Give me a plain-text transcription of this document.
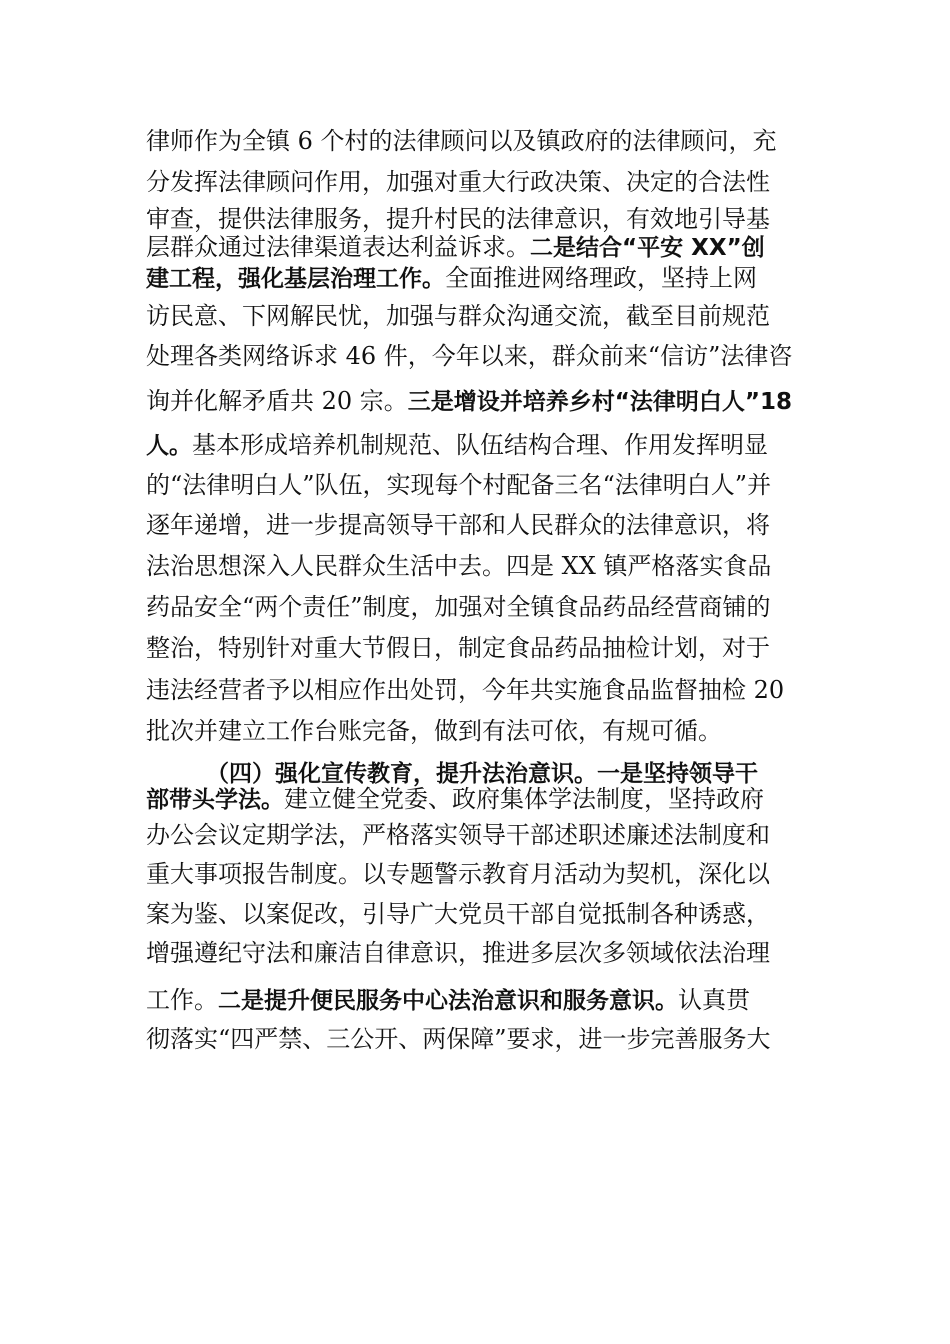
律师作为全镇 6 个村的法律顾问以及镇政府的法律顾问，充
分发挥法律顾问作用，加强对重大行政决策、决定的合法性
审查，提供法律服务，提升村民的法律意识，有效地引导基
层群众通过法律渠道表达利益诉求。二是结合“平安 XX”创
建工程，强化基层治理工作。全面推进网络理政，坚持上网
访民意、下网解民忧，加强与群众沟通交流，截至目前规范
处理各类网络诉求 46 件，今年以来，群众前来“信访”法律咨
询并化解矛盾共 20 宗。三是增设并培养乡村“法律明白人”18
人。基本形成培养机制规范、队伍结构合理、作用发挥明显
的“法律明白人”队伍，实现每个村配备三名“法律明白人”并
逐年递增，进一步提高领导干部和人民群众的法律意识，将
法治思想深入人民群众生活中去。四是 XX 镇严格落实食品
药品安全“两个责任”制度，加强对全镇食品药品经营商铺的
整治，特别针对重大节假日，制定食品药品抽检计划，对于
违法经营者予以相应作出处罚，今年共实施食品监督抽检 20
批次并建立工作台账完备，做到有法可依，有规可循。
（四）强化宣传教育，提升法治意识。一是坚持领导干
部带头学法。建立健全党委、政府集体学法制度，坚持政府
办公会议定期学法，严格落实领导干部述职述廉述法制度和
重大事项报告制度。以专题警示教育月活动为契机，深化以
案为鉴、以案促改，引导广大党员干部自觉抵制各种诱惑，
增强遵纪守法和廉洁自律意识，推进多层次多领域依法治理
工作。二是提升便民服务中心法治意识和服务意识。认真贯
彻落实“四严禁、三公开、两保障”要求，进一步完善服务大
